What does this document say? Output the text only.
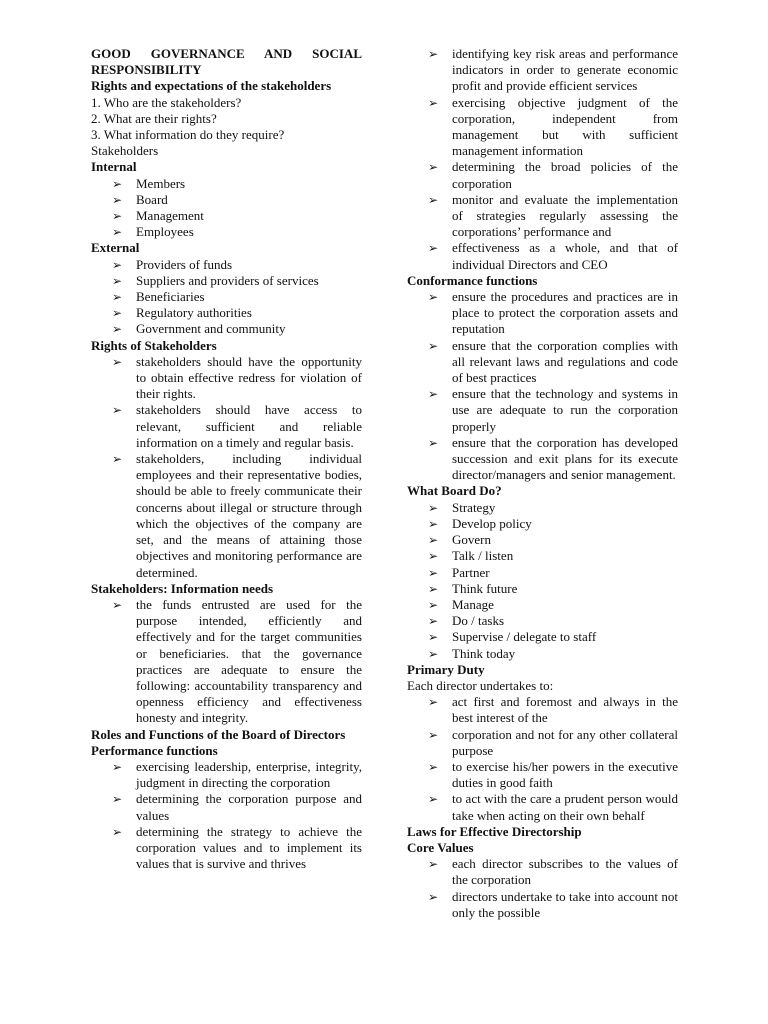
GOOD GOVERNANCE AND SOCIAL RESPONSIBILITY
Rights and expectations of the stakeholders
1. Who are the stakeholders?
2. What are their rights?
3. What information do they require?
Stakeholders
Internal
➢ Members
➢ Board
➢ Management
➢ Employees
External
➢ Providers of funds
➢ Suppliers and providers of services
➢ Beneficiaries
➢ Regulatory authorities
➢ Government and community
Rights of Stakeholders
➢ stakeholders should have the opportunity to obtain effective redress for violation of their rights.
➢ stakeholders should have access to relevant, sufficient and reliable information on a timely and regular basis.
➢ stakeholders, including individual employees and their representative bodies, should be able to freely communicate their concerns about illegal or structure through which the objectives of the company are set, and the means of attaining those objectives and monitoring performance are determined.
Stakeholders: Information needs
➢ the funds entrusted are used for the purpose intended, efficiently and effectively and for the target communities or beneficiaries. that the governance practices are adequate to ensure the following: accountability transparency and openness efficiency and effectiveness honesty and integrity.
Roles and Functions of the Board of Directors
Performance functions
➢ exercising leadership, enterprise, integrity, judgment in directing the corporation
➢ determining the corporation purpose and values
➢ determining the strategy to achieve the corporation values and to implement its values that is survive and thrives
➢ identifying key risk areas and performance indicators in order to generate economic profit and provide efficient services
➢ exercising objective judgment of the corporation, independent from management but with sufficient management information
➢ determining the broad policies of the corporation
➢ monitor and evaluate the implementation of strategies regularly assessing the corporations’ performance and
➢ effectiveness as a whole, and that of individual Directors and CEO
Conformance functions
➢ ensure the procedures and practices are in place to protect the corporation assets and reputation
➢ ensure that the corporation complies with all relevant laws and regulations and code of best practices
➢ ensure that the technology and systems in use are adequate to run the corporation properly
➢ ensure that the corporation has developed succession and exit plans for its execute director/managers and senior management.
What Board Do?
➢ Strategy
➢ Develop policy
➢ Govern
➢ Talk / listen
➢ Partner
➢ Think future
➢ Manage
➢ Do / tasks
➢ Supervise / delegate to staff
➢ Think today
Primary Duty
Each director undertakes to:
➢ act first and foremost and always in the best interest of the
➢ corporation and not for any other collateral purpose
➢ to exercise his/her powers in the executive duties in good faith
➢ to act with the care a prudent person would take when acting on their own behalf
Laws for Effective Directorship
Core Values
➢ each director subscribes to the values of the corporation
➢ directors undertake to take into account not only the possible
